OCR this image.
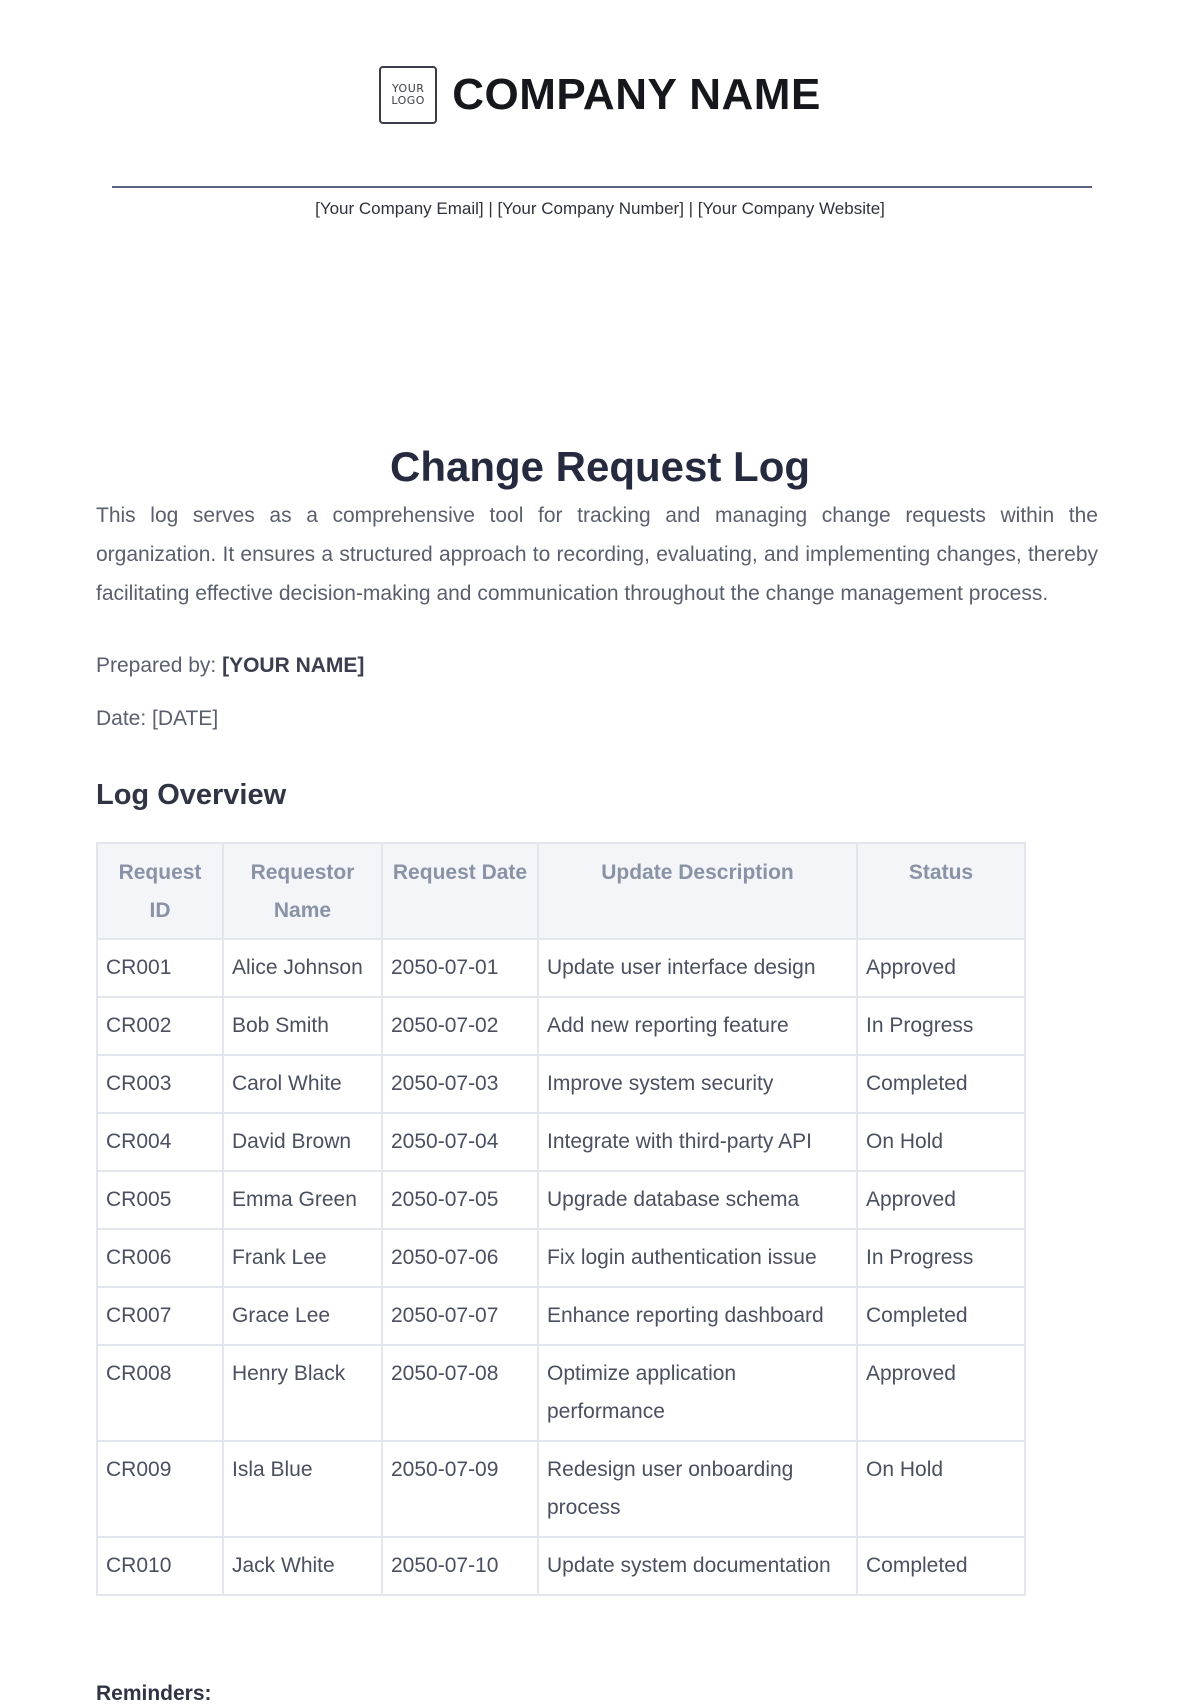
YOUR
LOGO COMPANY NAME
[Your Company Email] | [Your Company Number] | [Your Company Website]
Change Request Log

This log serves as a comprehensive tool for tracking and managing change requests within the organization. It ensures a structured approach to recording, evaluating, and implementing changes, thereby facilitating effective decision-making and communication throughout the change management process.

Prepared by: [YOUR NAME]

Date: [DATE]

Log Overview
Request ID	Requestor Name	Request Date	Update Description	Status
CR001	Alice Johnson	2050-07-01	Update user interface design	Approved
CR002	Bob Smith	2050-07-02	Add new reporting feature	In Progress
CR003	Carol White	2050-07-03	Improve system security	Completed
CR004	David Brown	2050-07-04	Integrate with third-party API	On Hold
CR005	Emma Green	2050-07-05	Upgrade database schema	Approved
CR006	Frank Lee	2050-07-06	Fix login authentication issue	In Progress
CR007	Grace Lee	2050-07-07	Enhance reporting dashboard	Completed
CR008	Henry Black	2050-07-08	Optimize application performance	Approved
CR009	Isla Blue	2050-07-09	Redesign user onboarding process	On Hold
CR010	Jack White	2050-07-10	Update system documentation	Completed

Reminders:
